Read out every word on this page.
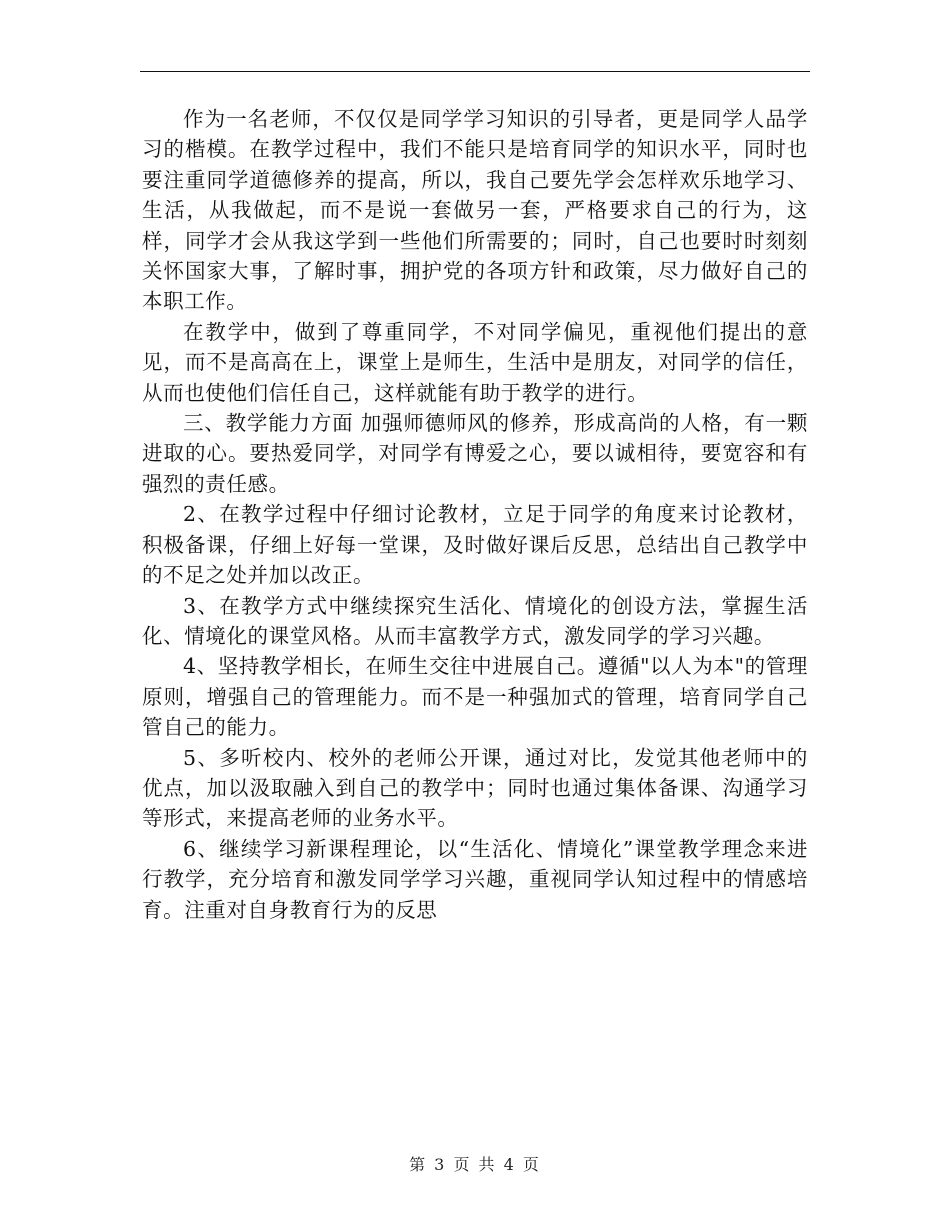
作为一名老师，不仅仅是同学学习知识的引导者，更是同学人品学习的楷模。在教学过程中，我们不能只是培育同学的知识水平，同时也要注重同学道德修养的提高，所以，我自己要先学会怎样欢乐地学习、生活，从我做起，而不是说一套做另一套，严格要求自己的行为，这样，同学才会从我这学到一些他们所需要的；同时，自己也要时时刻刻关怀国家大事，了解时事，拥护党的各项方针和政策，尽力做好自己的本职工作。

在教学中，做到了尊重同学，不对同学偏见，重视他们提出的意见，而不是高高在上，课堂上是师生，生活中是朋友，对同学的信任，从而也使他们信任自己，这样就能有助于教学的进行。

三、教学能力方面 加强师德师风的修养，形成高尚的人格，有一颗进取的心。要热爱同学，对同学有博爱之心，要以诚相待，要宽容和有强烈的责任感。

2、在教学过程中仔细讨论教材，立足于同学的角度来讨论教材，积极备课，仔细上好每一堂课，及时做好课后反思，总结出自己教学中的不足之处并加以改正。

3、在教学方式中继续探究生活化、情境化的创设方法，掌握生活化、情境化的课堂风格。从而丰富教学方式，激发同学的学习兴趣。

4、坚持教学相长，在师生交往中进展自己。遵循"以人为本"的管理原则，增强自己的管理能力。而不是一种强加式的管理，培育同学自己管自己的能力。

5、多听校内、校外的老师公开课，通过对比，发觉其他老师中的优点，加以汲取融入到自己的教学中；同时也通过集体备课、沟通学习等形式，来提高老师的业务水平。

6、继续学习新课程理论，以“生活化、情境化”课堂教学理念来进行教学，充分培育和激发同学学习兴趣，重视同学认知过程中的情感培育。注重对自身教育行为的反思

第 3 页 共 4 页
